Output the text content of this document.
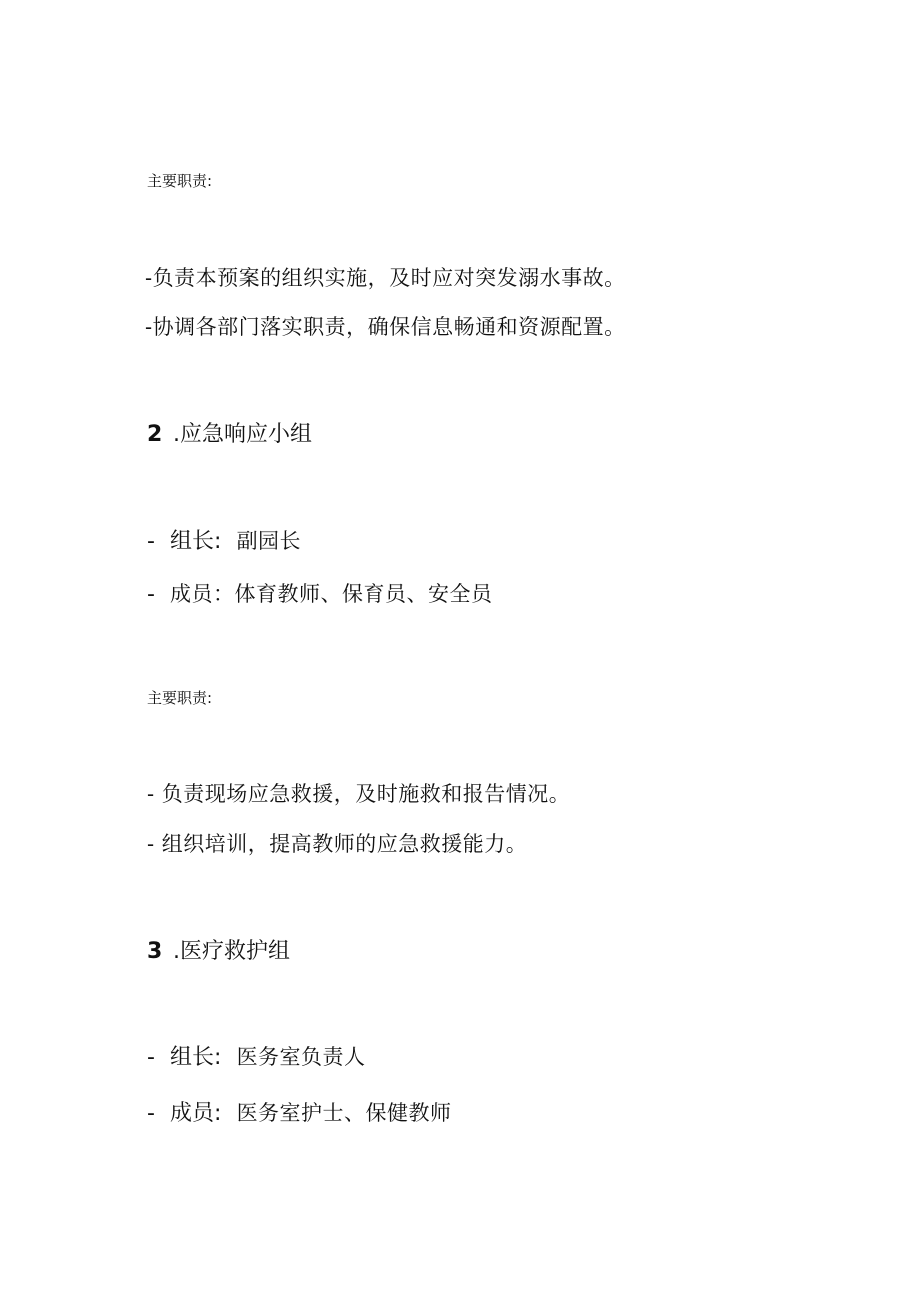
主要职责:
-负责本预案的组织实施，及时应对突发溺水事故。
-协调各部门落实职责，确保信息畅通和资源配置。
2 .应急响应小组
- 组长: 副园长
- 成员：体育教师、保育员、安全员
主要职责:
- 负责现场应急救援，及时施救和报告情况。
- 组织培训，提高教师的应急救援能力。
3 .医疗救护组
- 组长: 医务室负责人
- 成员: 医务室护士、保健教师
